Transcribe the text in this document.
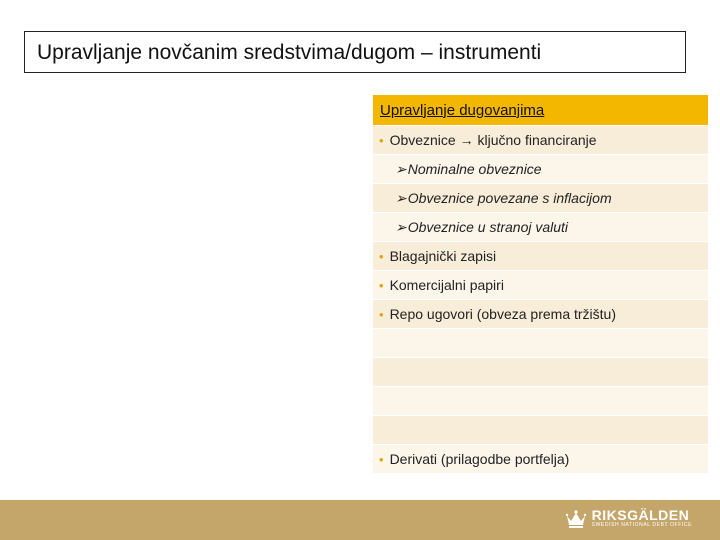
Upravljanje novčanim sredstvima/dugom – instrumenti
Upravljanje dugovanjima
• Obveznice → ključno financiranje
➢ Nominalne obveznice
➢ Obveznice povezane s inflacijom
➢ Obveznice u stranoj valuti
• Blagajnički zapisi
• Komercijalni papiri
• Repo ugovori (obveza prema tržištu)
• Derivati (prilagodbe portfelja)
RIKSGÄLDEN
SWEDISH NATIONAL DEBT OFFICE
